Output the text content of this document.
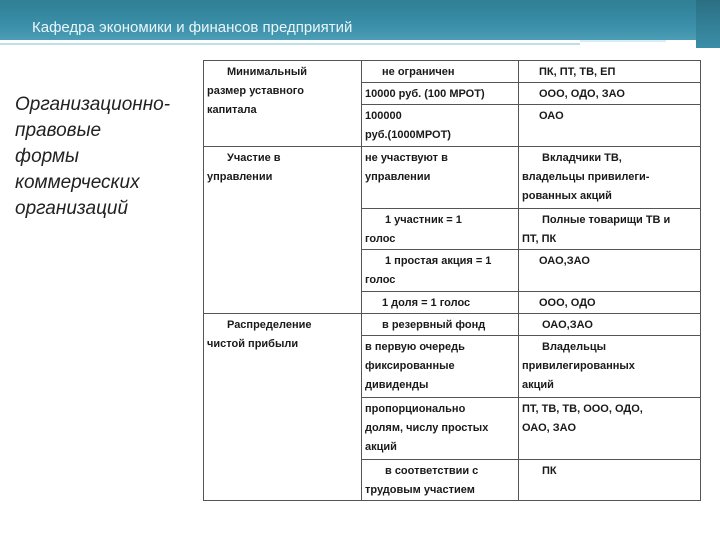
Кафедра экономики и финансов предприятий
Организационно-
правовые
формы
коммерческих
организаций
Минимальный
размер уставного
капитала	не ограничен	ПК, ПТ, ТВ, ЕП

	10000 руб. (100 МРОТ)	ООО, ОДО, ЗАО

	100000
руб.(1000МРОТ)	ОАО

Участие в
управлении	не участвуют в
управлении	Вкладчики ТВ,
владельцы привилеги-
рованных акций

	1 участник = 1
голос	Полные товарищи ТВ и
ПТ, ПК

	1 простая акция = 1
голос	ОАО,ЗАО

	1 доля = 1 голос	ООО, ОДО

Распределение
чистой прибыли	в резервный фонд	ОАО,ЗАО

	в первую очередь
фиксированные
дивиденды	Владельцы
привилегированных
акций

	пропорционально
долям, числу простых
акций	ПТ, ТВ, ТВ, ООО, ОДО,
ОАО, ЗАО

	в соответствии с
трудовым участием	ПК
